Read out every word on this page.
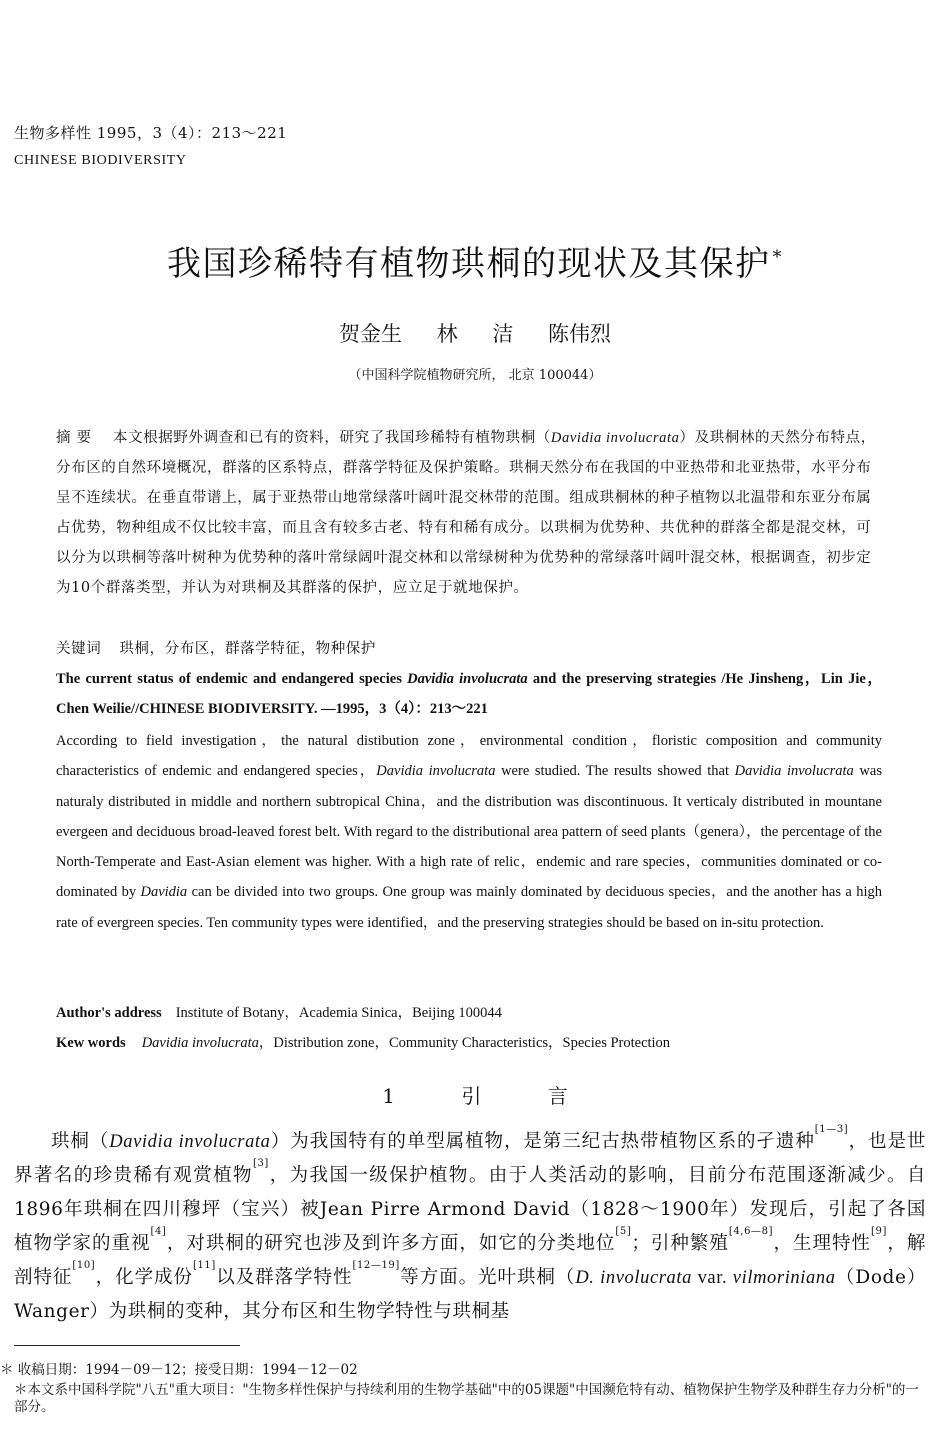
生物多样性 1995，3（4）：213～221
CHINESE BIODIVERSITY
我国珍稀特有植物珙桐的现状及其保护 *
贺金生 林 洁 陈伟烈
（中国科学院植物研究所， 北京 100044）
摘要 本文根据野外调查和已有的资料，研究了我国珍稀特有植物珙桐（Davidia involucrata）及珙桐林的天然分布特点，分布区的自然环境概况，群落的区系特点，群落学特征及保护策略。珙桐天然分布在我国的中亚热带和北亚热带，水平分布呈不连续状。在垂直带谱上，属于亚热带山地常绿落叶阔叶混交林带的范围。组成珙桐林的种子植物以北温带和东亚分布属占优势，物种组成不仅比较丰富，而且含有较多古老、特有和稀有成分。以珙桐为优势种、共优种的群落全都是混交林，可以分为以珙桐等落叶树种为优势种的落叶常绿阔叶混交林和以常绿树种为优势种的常绿落叶阔叶混交林，根据调查，初步定为10个群落类型，并认为对珙桐及其群落的保护，应立足于就地保护。
关键词 珙桐，分布区，群落学特征，物种保护
The current status of endemic and endangered species Davidia involucrata and the preserving strategies /He Jinsheng，Lin Jie，Chen Weilie//CHINESE BIODIVERSITY. —1995，3（4）：213～221
According to field investigation，the natural distibution zone，environmental condition，floristic composition and community characteristics of endemic and endangered species，Davidia involucrata were studied. The results showed that Davidia involucrata was naturaly distributed in middle and northern subtropical China，and the distribution was discontinuous. It verticaly distributed in mountane evergeen and deciduous broad-leaved forest belt. With regard to the distributional area pattern of seed plants（genera），the percentage of the North-Temperate and East-Asian element was higher. With a high rate of relic，endemic and rare species，communities dominated or co-dominated by Davidia can be divided into two groups. One group was mainly dominated by deciduous species，and the another has a high rate of evergreen species. Ten community types were identified，and the preserving strategies should be based on in-situ protection.
Author's address Institute of Botany，Academia Sinica，Beijing 100044
Kew words Davidia involucrata，Distribution zone，Community Characteristics，Species Protection
1	引 言
珙桐（Davidia involucrata）为我国特有的单型属植物，是第三纪古热带植物区系的孑遗种[1—3]，也是世界著名的珍贵稀有观赏植物[3]，为我国一级保护植物。由于人类活动的影响，目前分布范围逐渐减少。自1896年珙桐在四川穆坪（宝兴）被Jean Pirre Armond David（1828～1900年）发现后，引起了各国植物学家的重视[4]，对珙桐的研究也涉及到许多方面，如它的分类地位[5]；引种繁殖[4,6—8]，生理特性[9]，解剖特征[10]，化学成份[11]以及群落学特性[12—19]等方面。光叶珙桐（D. involucrata var. vilmoriniana（Dode）Wanger）为珙桐的变种，其分布区和生物学特性与珙桐基
＊ 收稿日期：1994－09－12；接受日期：1994－12－02
＊本文系中国科学院"八五"重大项目："生物多样性保护与持续利用的生物学基础"中的05课题"中国濒危特有动、植物保护生物学及种群生存力分析"的一部分。
